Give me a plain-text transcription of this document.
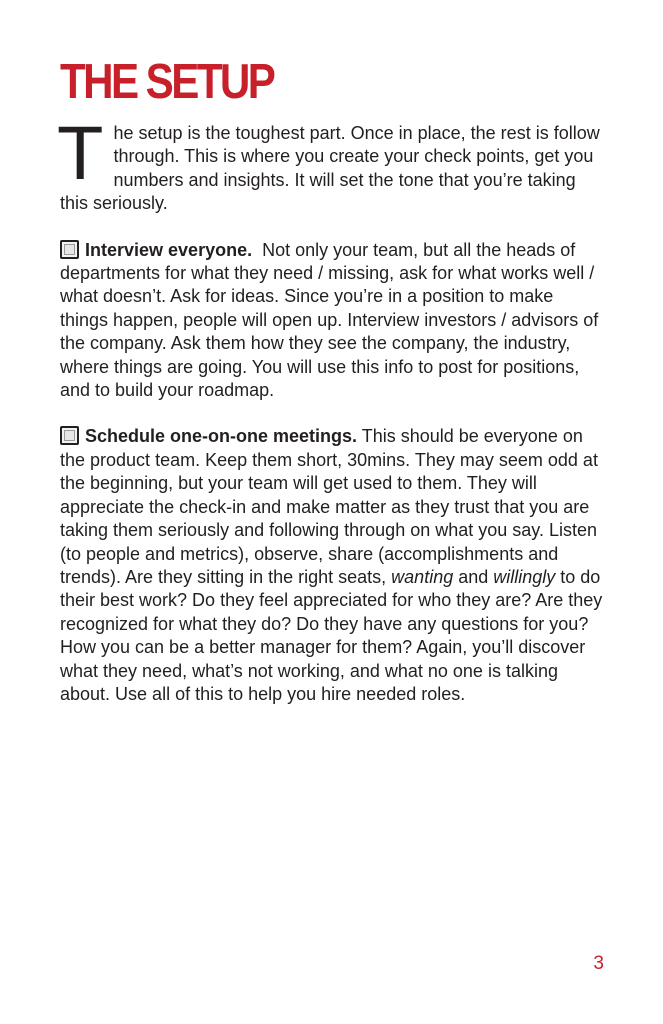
THE SETUP
The setup is the toughest part. Once in place, the rest is follow through. This is where you create your check points, get you numbers and insights. It will set the tone that you’re taking this seriously.
Interview everyone.  Not only your team, but all the heads of departments for what they need / missing, ask for what works well / what doesn’t. Ask for ideas. Since you’re in a position to make things happen, people will open up. Interview investors / advisors of the company. Ask them how they see the company, the industry, where things are going. You will use this info to post for positions, and to build your roadmap.
Schedule one-on-one meetings. This should be everyone on the product team. Keep them short, 30mins. They may seem odd at the beginning, but your team will get used to them. They will appreciate the check-in and make matter as they trust that you are taking them seriously and following through on what you say. Listen (to people and metrics), observe, share (accomplishments and trends). Are they sitting in the right seats, wanting and willingly to do their best work? Do they feel appreciated for who they are? Are they recognized for what they do? Do they have any questions for you? How you can be a better manager for them? Again, you’ll discover what they need, what’s not working, and what no one is talking about. Use all of this to help you hire needed roles.
3
